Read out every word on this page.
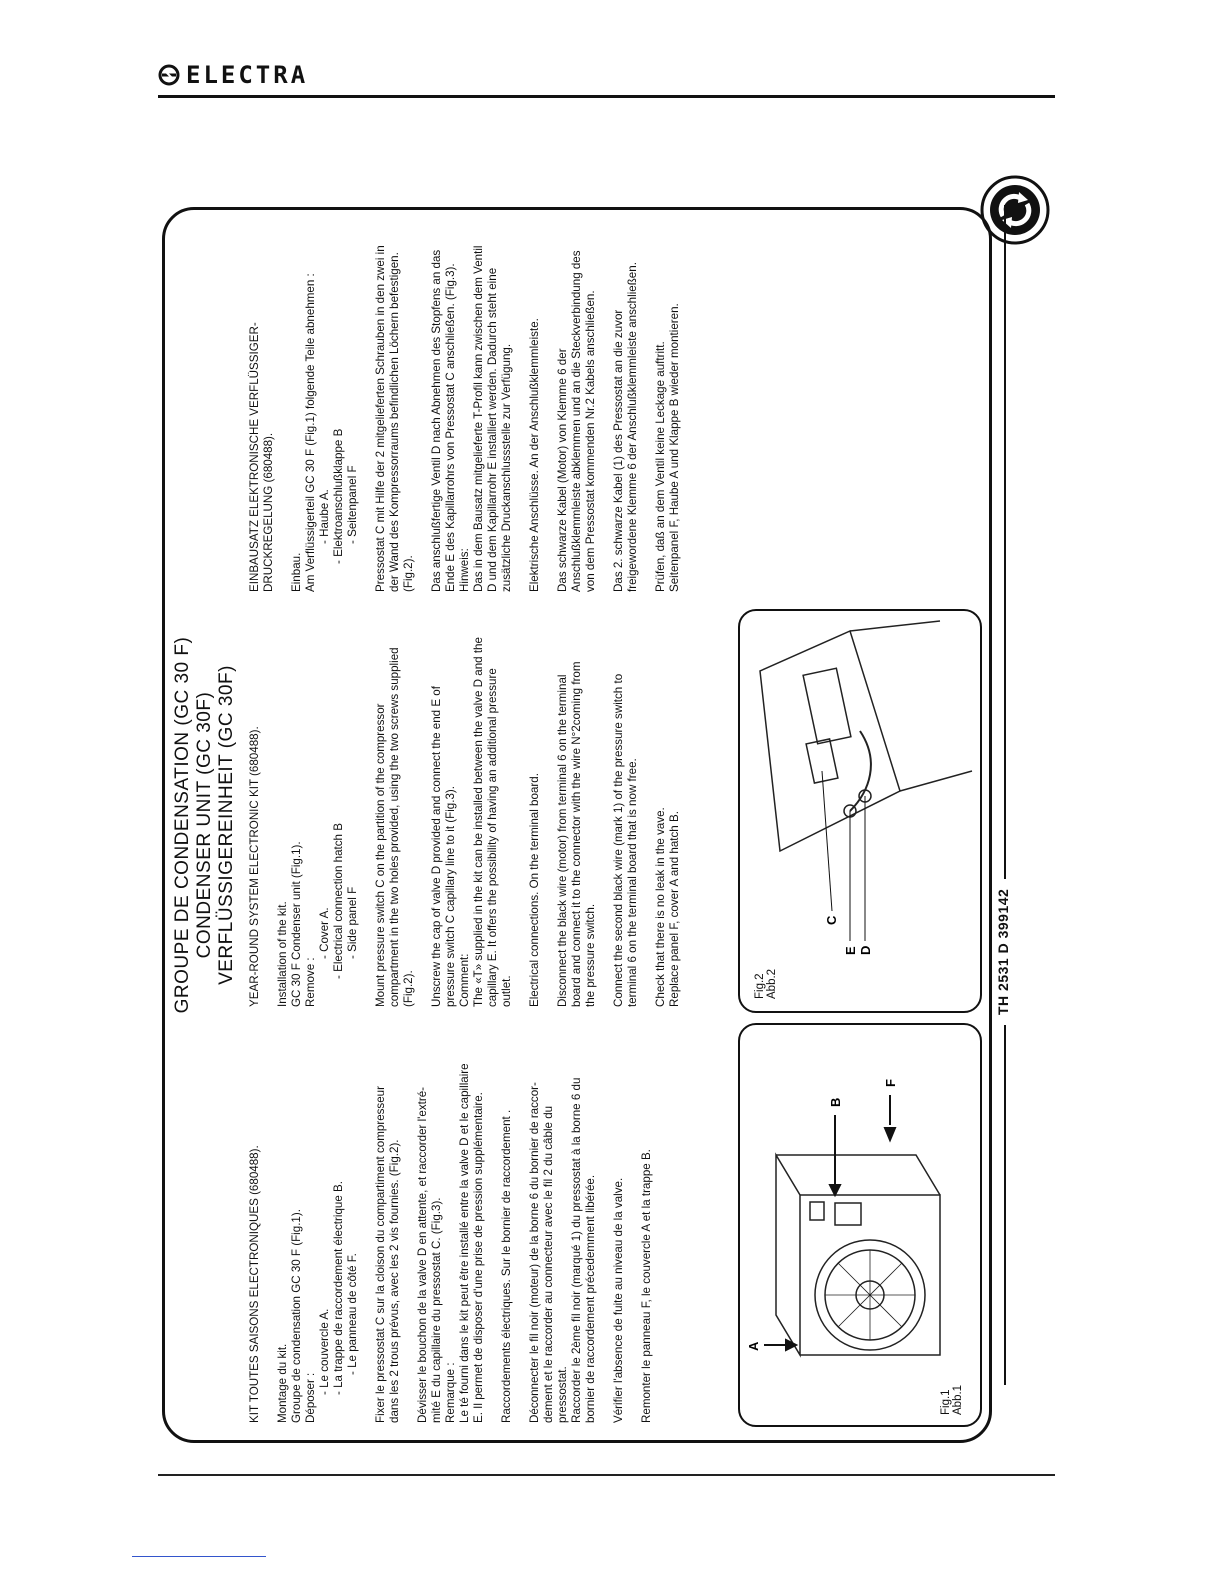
ELECTRA
GROUPE DE CONDENSATION (GC 30 F) CONDENSER UNIT (GC 30F) VERFLÜSSIGEREINHEIT (GC 30F)
KIT TOUTES SAISONS ELECTRONIQUES (680488). Montage du kit. Groupe de condensation GC 30 F (Fig.1). Déposer :
- Le couvercle A. - La trappe de raccordement électrique B. - Le panneau de côté F. Fixer le pressostat C sur la cloison du compartiment compresseur dans les 2 trous prévus, avec les 2 vis fournies. (Fig.2). Dévisser le bouchon de la valve D en attente, et raccorder l'extré- mité E du capillaire du pressostat C. (Fig.3). Remarque : Le té fourni dans le kit peut être installé entre la valve D et le capillaire E. Il permet de disposer d'une prise de pression supplémentaire. Raccordements électriques. Sur le bornier de raccordement . Déconnecter le fil noir (moteur) de la borne 6 du bornier de raccor- dement et le raccorder au connecteur avec le fil 2 du câble du pressostat. Raccorder le 2ème fil noir (marqué 1) du pressostat à la borne 6 du bornier de raccordement précedemment libérée. Vérifier l'absence de fuite au niveau de la valve. Remonter le panneau F, le couvercle A et la trappe B.
YEAR-ROUND SYSTEM ELECTRONIC KIT (680488). Installation of the kit. GC 30 F Condenser unit (Fig.1). Remove :
- Cover A. - Electrical connection hatch B - Side panel F Mount pressure switch C on the partition of the compressor compartment in the two holes provided, using the two screws supplied (Fig.2). Unscrew the cap of valve D provided and connect the end E of pressure switch C capillary line to it (Fig.3). Comment: The «T» supplied in the kit can be installed between the valve D and the capillary E. It offers the possibility of having an additional pressure outlet. Electrical connections. On the terminal board. Disconnect the black wire (motor) from terminal 6 on the terminal board and connect it to the connector with the wire N°2coming from the pressure switch. Connect the second black wire (mark 1) of the pressure switch to terminal 6 on the terminal board that is now free. Check that there is no leak in the vave. Replace panel F, cover A and hatch B.
EINBAUSATZ ELEKTRONISCHE VERFLÜSSIGER- DRUCKREGELUNG (680488). Einbau. Am Verflüssigerteil GC 30 F (Fig.1) folgende Teile abnehmen : - Haube A. - Elektroanschlußklappe B - Seitenpanel F Pressostat C mit Hilfe der 2 mitgelieferten Schrauben in den zwei in der Wand des Kompressorraums befindlichen Löchern befestigen. (Fig.2). Das anschlußfertige Ventil D nach Abnehmen des Stopfens an das Ende E des Kapillarrohrs von Pressostat C anschließen. (Fig.3). Hinweis: Das in dem Bausatz mitgelieferte T-Profil kann zwischen dem Ventil D und dem Kapillarrohr E installiert werden. Dadurch steht eine zusätzliche Druckanschlussstelle zur Verfügung. Elektrische Anschlüsse. An der Anschlußklemmleiste. Das schwarze Kabel (Motor) von Klemme 6 der Anschlußklemmleiste abklemmen und an die Steckverbindung des von dem Pressostat kommenden Nr.2 Kabels anschließen. Das 2. schwarze Kabel (1) des Pressostat an die zuvor freigewordene Klemme 6 der Anschlußklemmleiste anschließen. Prüfen, daß an dem Ventil keine Leckage auftritt. Seitenpanel F, Haube A und Klappe B wieder montieren.
Fig.1 Abb.1
A
B
F
Fig.2 Abb.2
C
E D	TH 2531 D 399142
